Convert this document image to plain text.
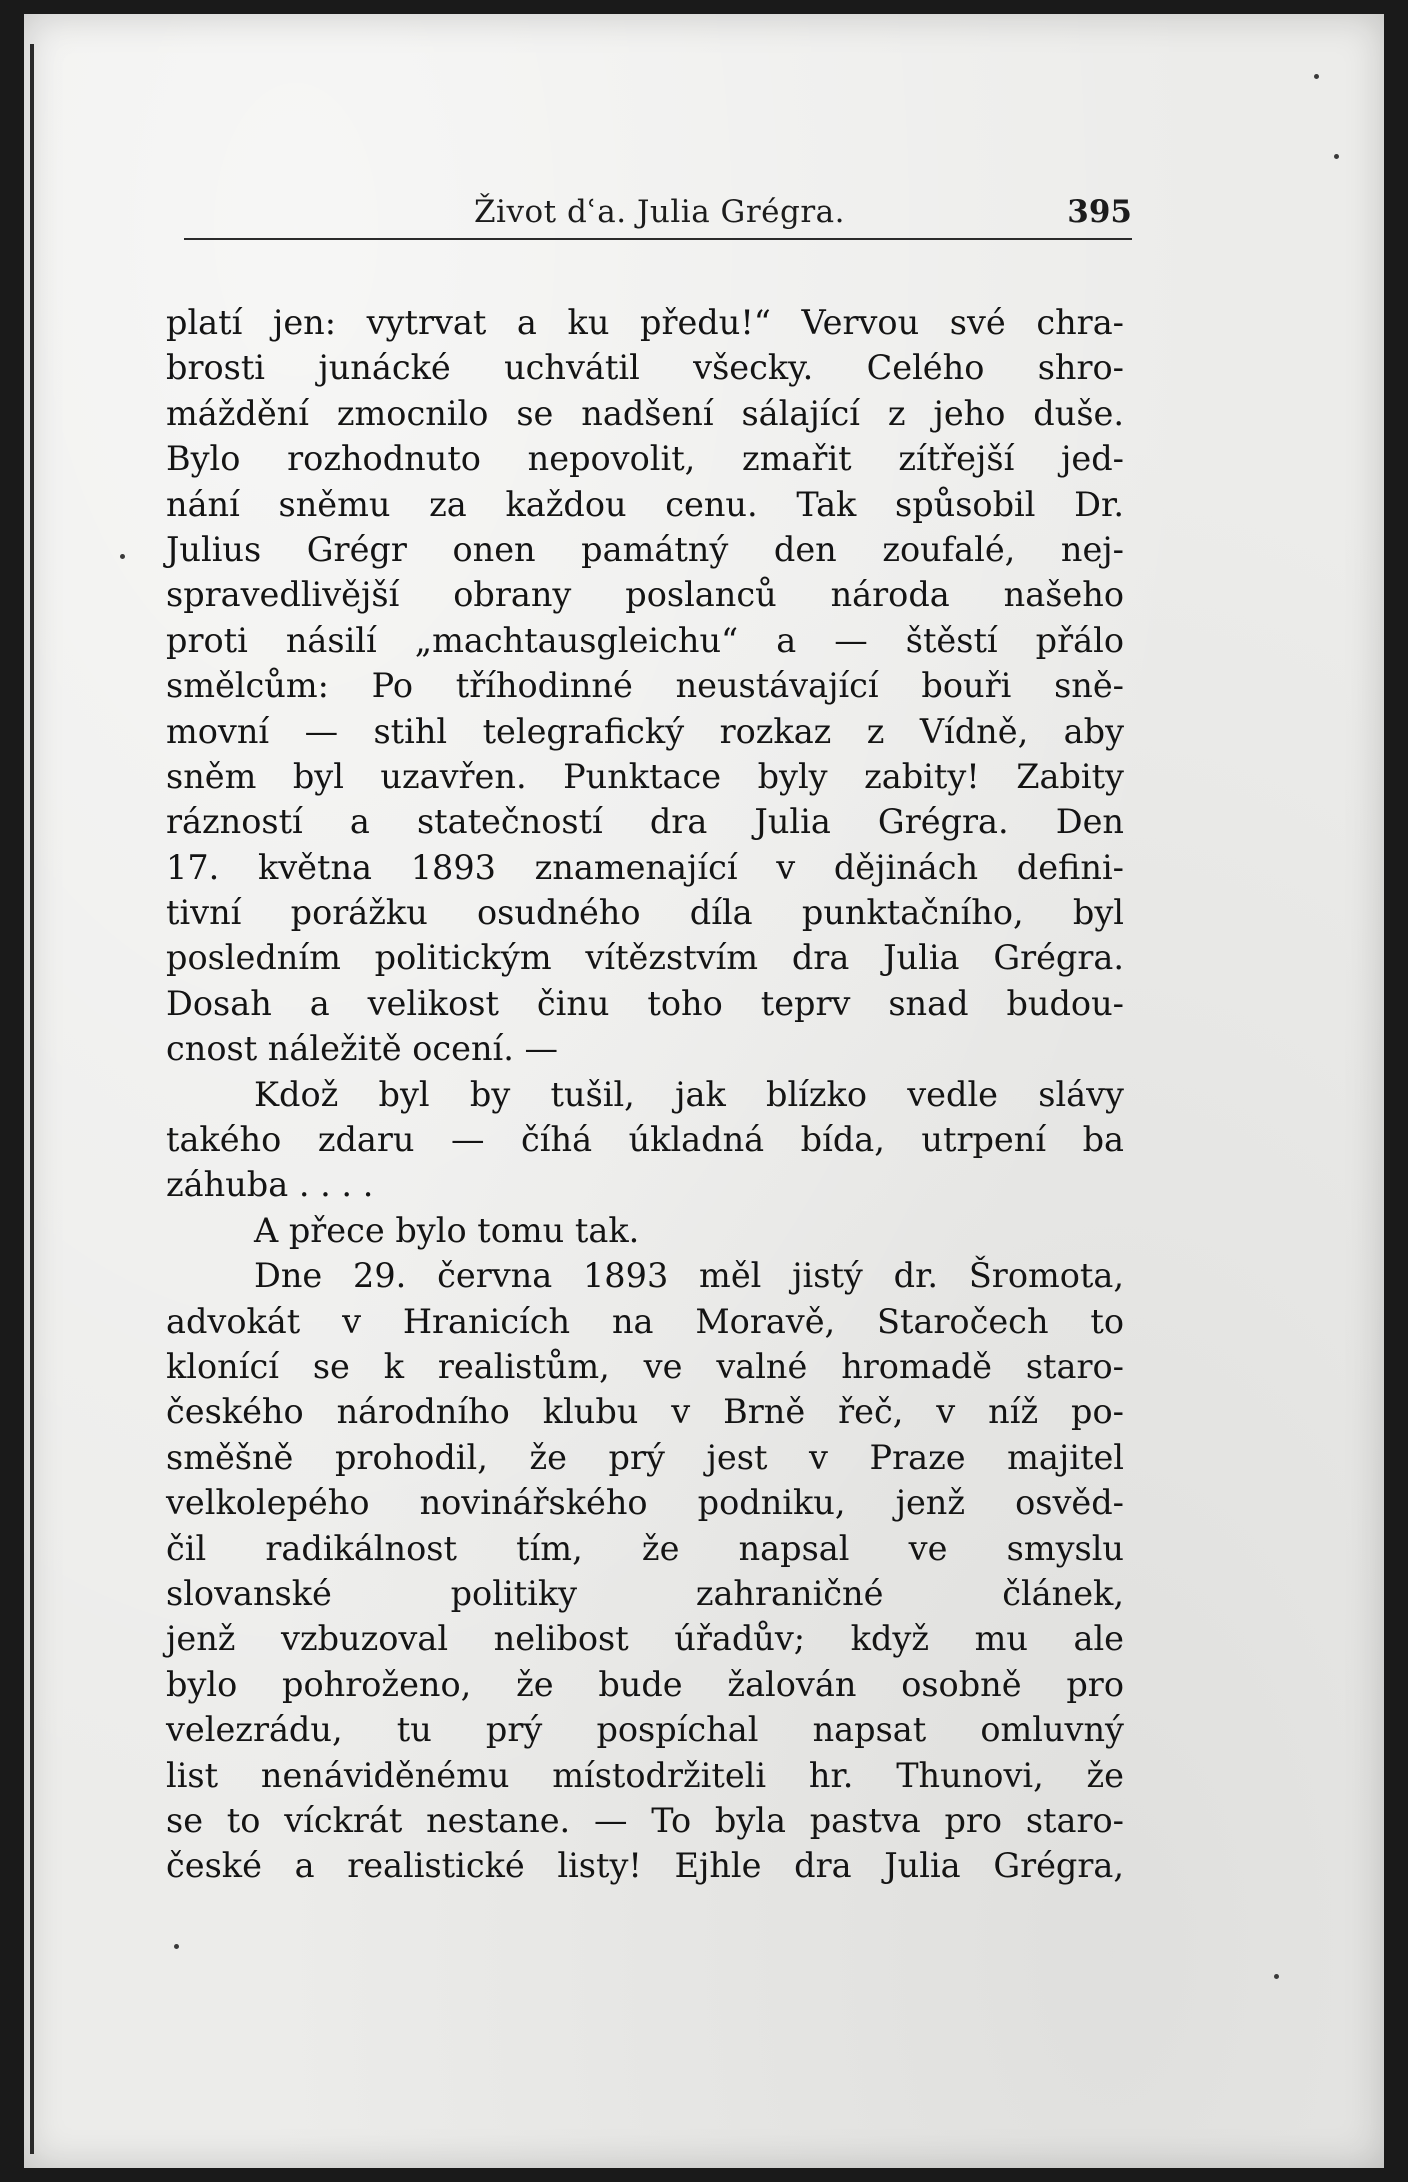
Život dʿa. Julia Grégra.	395
platí jen: vytrvat a ku předu!“ Vervou své chra-
brosti junácké uchvátil všecky. Celého shro-
máždění zmocnilo se nadšení sálající z jeho duše.
Bylo rozhodnuto nepovolit, zmařit zítřejší jed-
nání sněmu za každou cenu. Tak spůsobil Dr.
Julius Grégr onen památný den zoufalé, nej-
spravedlivější obrany poslanců národa našeho
proti násilí „machtausgleichu“ a — štěstí přálo
smělcům: Po tříhodinné neustávající bouři sně-
movní — stihl telegrafický rozkaz z Vídně, aby
sněm byl uzavřen. Punktace byly zabity! Zabity
rázností a statečností dra Julia Grégra. Den
17. května 1893 znamenající v dějinách defini-
tivní porážku osudného díla punktačního, byl
posledním politickým vítězstvím dra Julia Grégra.
Dosah a velikost činu toho teprv snad budou-
cnost náležitě ocení. —
Kdož byl by tušil, jak blízko vedle slávy
takého zdaru — číhá úkladná bída, utrpení ba
záhuba . . . .
A přece bylo tomu tak.
Dne 29. června 1893 měl jistý dr. Šromota,
advokát v Hranicích na Moravě, Staročech to
klonící se k realistům, ve valné hromadě staro-
českého národního klubu v Brně řeč, v níž po-
směšně prohodil, že prý jest v Praze majitel
velkolepého novinářského podniku, jenž osvěd-
čil radikálnost tím, že napsal ve smyslu
slovanské politiky zahraničné článek,
jenž vzbuzoval nelibost úřadův; když mu ale
bylo pohroženo, že bude žalován osobně pro
velezrádu, tu prý pospíchal napsat omluvný
list nenáviděnému místodržiteli hr. Thunovi, že
se to víckrát nestane. — To byla pastva pro staro-
české a realistické listy! Ejhle dra Julia Grégra,
